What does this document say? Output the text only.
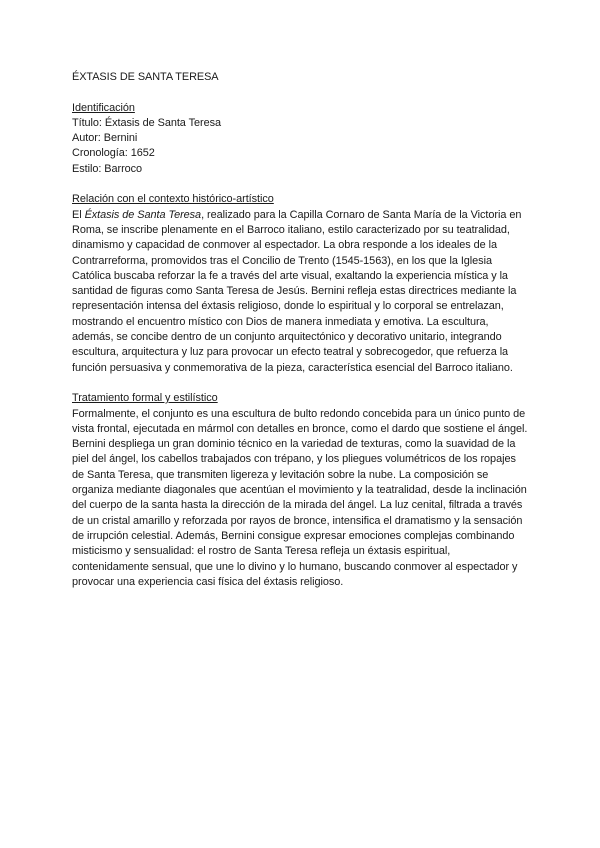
ÉXTASIS DE SANTA TERESA
Identificación
Título: Éxtasis de Santa Teresa
Autor: Bernini
Cronología: 1652
Estilo: Barroco
Relación con el contexto histórico-artístico

El Éxtasis de Santa Teresa, realizado para la Capilla Cornaro de Santa María de la Victoria en Roma, se inscribe plenamente en el Barroco italiano, estilo caracterizado por su teatralidad, dinamismo y capacidad de conmover al espectador. La obra responde a los ideales de la Contrarreforma, promovidos tras el Concilio de Trento (1545-1563), en los que la Iglesia Católica buscaba reforzar la fe a través del arte visual, exaltando la experiencia mística y la santidad de figuras como Santa Teresa de Jesús. Bernini refleja estas directrices mediante la representación intensa del éxtasis religioso, donde lo espiritual y lo corporal se entrelazan, mostrando el encuentro místico con Dios de manera inmediata y emotiva. La escultura, además, se concibe dentro de un conjunto arquitectónico y decorativo unitario, integrando escultura, arquitectura y luz para provocar un efecto teatral y sobrecogedor, que refuerza la función persuasiva y conmemorativa de la pieza, característica esencial del Barroco italiano.

Tratamiento formal y estilístico

Formalmente, el conjunto es una escultura de bulto redondo concebida para un único punto de vista frontal, ejecutada en mármol con detalles en bronce, como el dardo que sostiene el ángel. Bernini despliega un gran dominio técnico en la variedad de texturas, como la suavidad de la piel del ángel, los cabellos trabajados con trépano, y los pliegues volumétricos de los ropajes de Santa Teresa, que transmiten ligereza y levitación sobre la nube. La composición se organiza mediante diagonales que acentúan el movimiento y la teatralidad, desde la inclinación del cuerpo de la santa hasta la dirección de la mirada del ángel. La luz cenital, filtrada a través de un cristal amarillo y reforzada por rayos de bronce, intensifica el dramatismo y la sensación de irrupción celestial. Además, Bernini consigue expresar emociones complejas combinando misticismo y sensualidad: el rostro de Santa Teresa refleja un éxtasis espiritual, contenidamente sensual, que une lo divino y lo humano, buscando conmover al espectador y provocar una experiencia casi física del éxtasis religioso.
